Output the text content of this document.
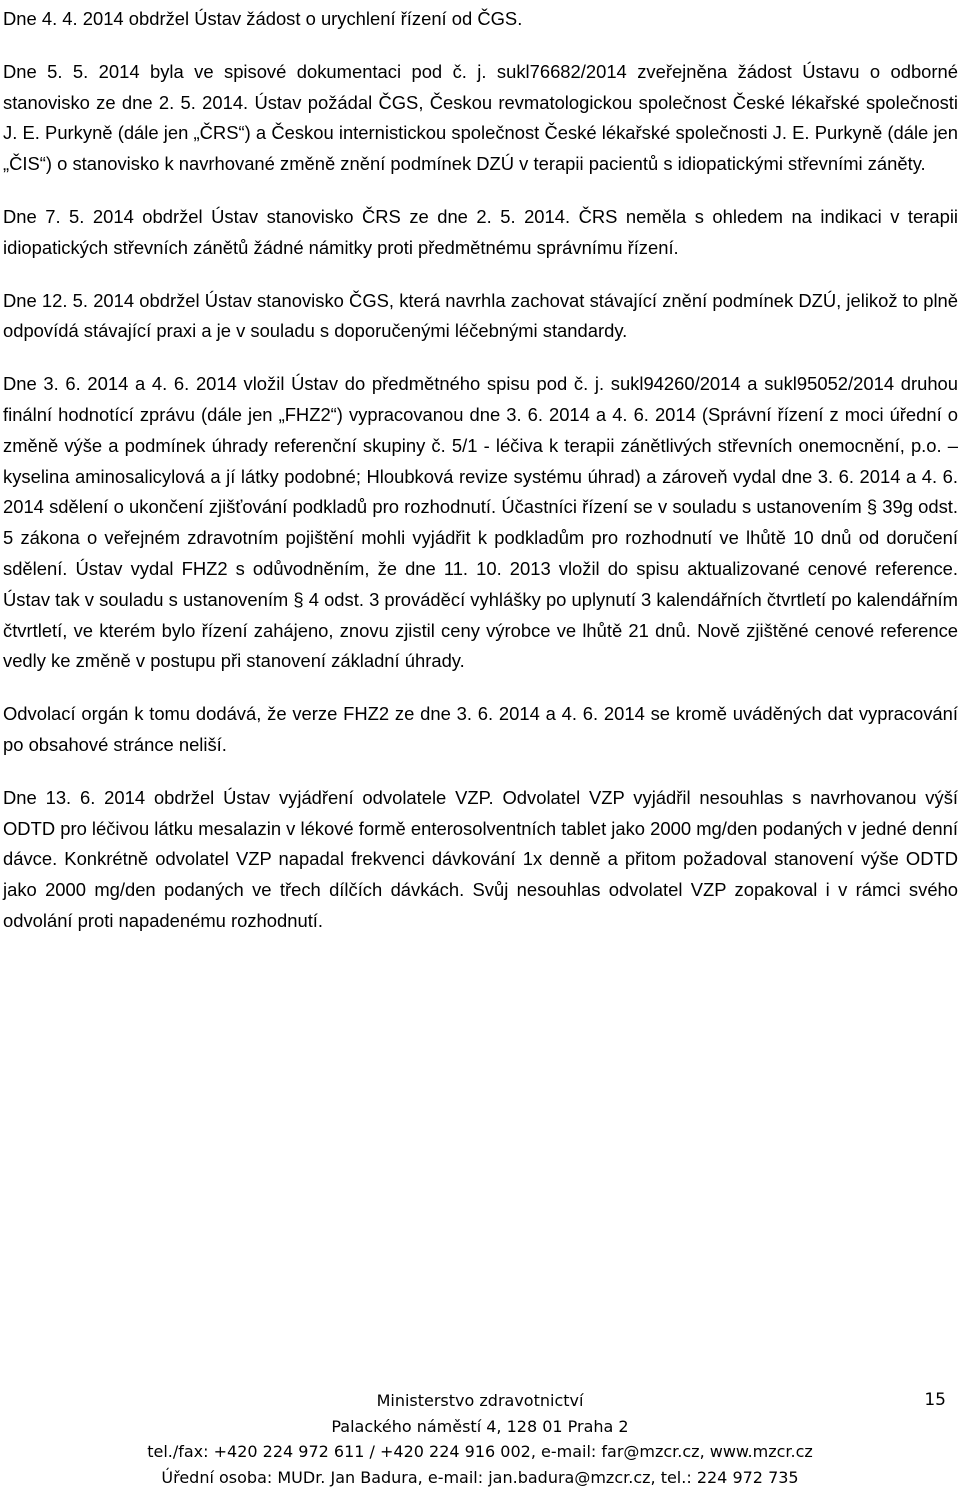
Dne 4. 4. 2014 obdržel Ústav žádost o urychlení řízení od ČGS.

Dne 5. 5. 2014 byla ve spisové dokumentaci pod č. j. sukl76682/2014 zveřejněna žádost Ústavu o odborné stanovisko ze dne 2. 5. 2014. Ústav požádal ČGS, Českou revmatologickou společnost České lékařské společnosti J. E. Purkyně (dále jen „ČRS“) a Českou internistickou společnost České lékařské společnosti J. E. Purkyně (dále jen „ČIS“) o stanovisko k navrhované změně znění podmínek DZÚ v terapii pacientů s idiopatickými střevními záněty.

Dne 7. 5. 2014 obdržel Ústav stanovisko ČRS ze dne 2. 5. 2014. ČRS neměla s ohledem na indikaci v terapii idiopatických střevních zánětů žádné námitky proti předmětnému správnímu řízení.

Dne 12. 5. 2014 obdržel Ústav stanovisko ČGS, která navrhla zachovat stávající znění podmínek DZÚ, jelikož to plně odpovídá stávající praxi a je v souladu s doporučenými léčebnými standardy.

Dne 3. 6. 2014 a 4. 6. 2014 vložil Ústav do předmětného spisu pod č. j. sukl94260/2014 a sukl95052/2014 druhou finální hodnotící zprávu (dále jen „FHZ2“) vypracovanou dne 3. 6. 2014 a 4. 6. 2014 (Správní řízení z moci úřední o změně výše a podmínek úhrady referenční skupiny č. 5/1 - léčiva k terapii zánětlivých střevních onemocnění, p.o. – kyselina aminosalicylová a jí látky podobné; Hloubková revize systému úhrad) a zároveň vydal dne 3. 6. 2014 a 4. 6. 2014 sdělení o ukončení zjišťování podkladů pro rozhodnutí. Účastníci řízení se v souladu s ustanovením § 39g odst. 5 zákona o veřejném zdravotním pojištění mohli vyjádřit k podkladům pro rozhodnutí ve lhůtě 10 dnů od doručení sdělení. Ústav vydal FHZ2 s odůvodněním, že dne 11. 10. 2013 vložil do spisu aktualizované cenové reference. Ústav tak v souladu s ustanovením § 4 odst. 3 prováděcí vyhlášky po uplynutí 3 kalendářních čtvrtletí po kalendářním čtvrtletí, ve kterém bylo řízení zahájeno, znovu zjistil ceny výrobce ve lhůtě 21 dnů. Nově zjištěné cenové reference vedly ke změně v postupu při stanovení základní úhrady.

Odvolací orgán k tomu dodává, že verze FHZ2 ze dne 3. 6. 2014 a 4. 6. 2014 se kromě uváděných dat vypracování po obsahové stránce neliší.

Dne 13. 6. 2014 obdržel Ústav vyjádření odvolatele VZP. Odvolatel VZP vyjádřil nesouhlas s navrhovanou výší ODTD pro léčivou látku mesalazin v lékové formě enterosolventních tablet jako 2000 mg/den podaných v jedné denní dávce. Konkrétně odvolatel VZP napadal frekvenci dávkování 1x denně a přitom požadoval stanovení výše ODTD jako 2000 mg/den podaných ve třech dílčích dávkách. Svůj nesouhlas odvolatel VZP zopakoval i v rámci svého odvolání proti napadenému rozhodnutí.

Ministerstvo zdravotnictví
Palackého náměstí 4, 128 01 Praha 2
tel./fax: +420 224 972 611 / +420 224 916 002, e-mail: far@mzcr.cz, www.mzcr.cz
Úřední osoba: MUDr. Jan Badura, e-mail: jan.badura@mzcr.cz, tel.: 224 972 735
15
